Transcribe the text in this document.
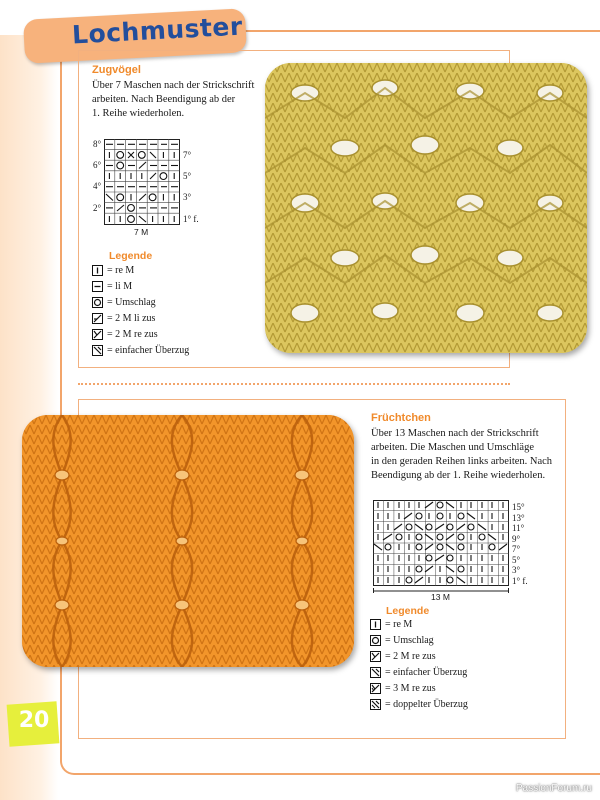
Lochmuster
Zugvögel
Über 7 Maschen nach der Strickschrift
arbeiten. Nach Beendigung ab der
1. Reihe wiederholen.
8°
6°
4°
2°
7°
5°
3°
1° f.
7 M
Legende
= re M
= li M
= Umschlag
= 2 M li zus
= 2 M re zus
= einfacher Überzug
Früchtchen
Über 13 Maschen nach der Strickschrift
arbeiten. Die Maschen und Umschläge
in den geraden Reihen links arbeiten. Nach
Beendigung ab der 1. Reihe wiederholen.
15°
13°
11°
9°
7°
5°
3°
1° f.
13 M
Legende
= re M
= Umschlag
= 2 M re zus
= einfacher Überzug
= 3 M re zus
= doppelter Überzug
20
PassionForum.ru
